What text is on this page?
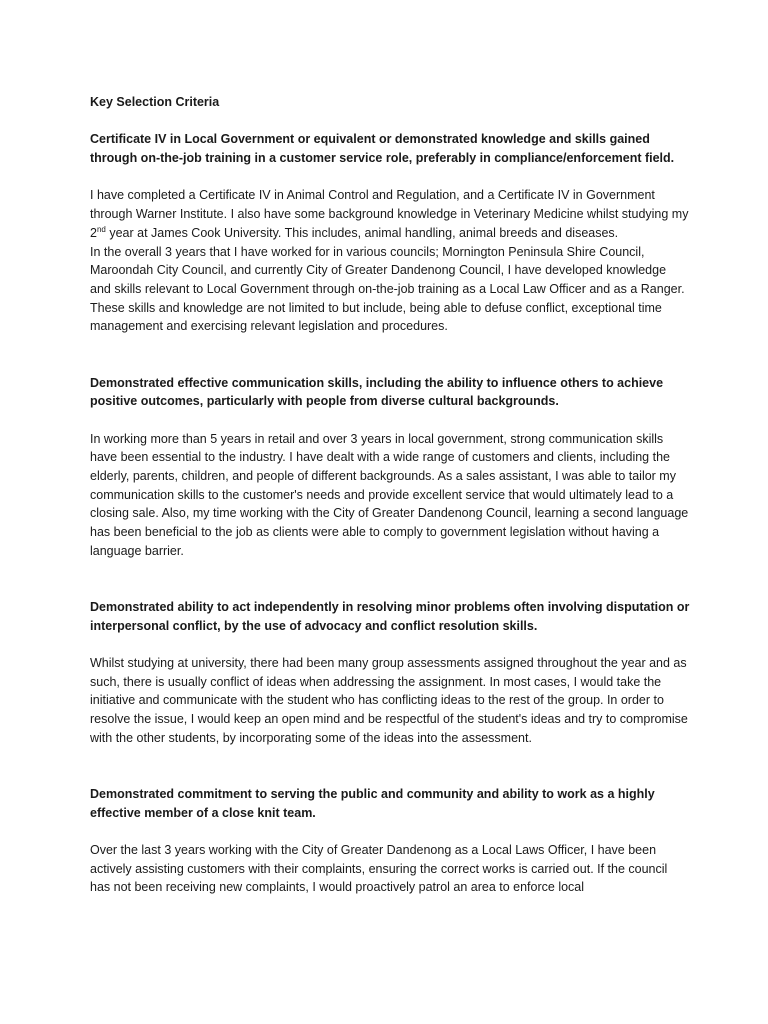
Key Selection Criteria

Certificate IV in Local Government or equivalent or demonstrated knowledge and skills gained through on-the-job training in a customer service role, preferably in compliance/enforcement field.

I have completed a Certificate IV in Animal Control and Regulation, and a Certificate IV in Government through Warner Institute. I also have some background knowledge in Veterinary Medicine whilst studying my 2nd year at James Cook University. This includes, animal handling, animal breeds and diseases.

In the overall 3 years that I have worked for in various councils; Mornington Peninsula Shire Council, Maroondah City Council, and currently City of Greater Dandenong Council, I have developed knowledge and skills relevant to Local Government through on-the-job training as a Local Law Officer and as a Ranger. These skills and knowledge are not limited to but include, being able to defuse conflict, exceptional time management and exercising relevant legislation and procedures.

Demonstrated effective communication skills, including the ability to influence others to achieve positive outcomes, particularly with people from diverse cultural backgrounds.

In working more than 5 years in retail and over 3 years in local government, strong communication skills have been essential to the industry. I have dealt with a wide range of customers and clients, including the elderly, parents, children, and people of different backgrounds. As a sales assistant, I was able to tailor my communication skills to the customer's needs and provide excellent service that would ultimately lead to a closing sale. Also, my time working with the City of Greater Dandenong Council, learning a second language has been beneficial to the job as clients were able to comply to government legislation without having a language barrier.

Demonstrated ability to act independently in resolving minor problems often involving disputation or interpersonal conflict, by the use of advocacy and conflict resolution skills.

Whilst studying at university, there had been many group assessments assigned throughout the year and as such, there is usually conflict of ideas when addressing the assignment. In most cases, I would take the initiative and communicate with the student who has conflicting ideas to the rest of the group. In order to resolve the issue, I would keep an open mind and be respectful of the student's ideas and try to compromise with the other students, by incorporating some of the ideas into the assessment.

Demonstrated commitment to serving the public and community and ability to work as a highly effective member of a close knit team.

Over the last 3 years working with the City of Greater Dandenong as a Local Laws Officer, I have been actively assisting customers with their complaints, ensuring the correct works is carried out. If the council has not been receiving new complaints, I would proactively patrol an area to enforce local
